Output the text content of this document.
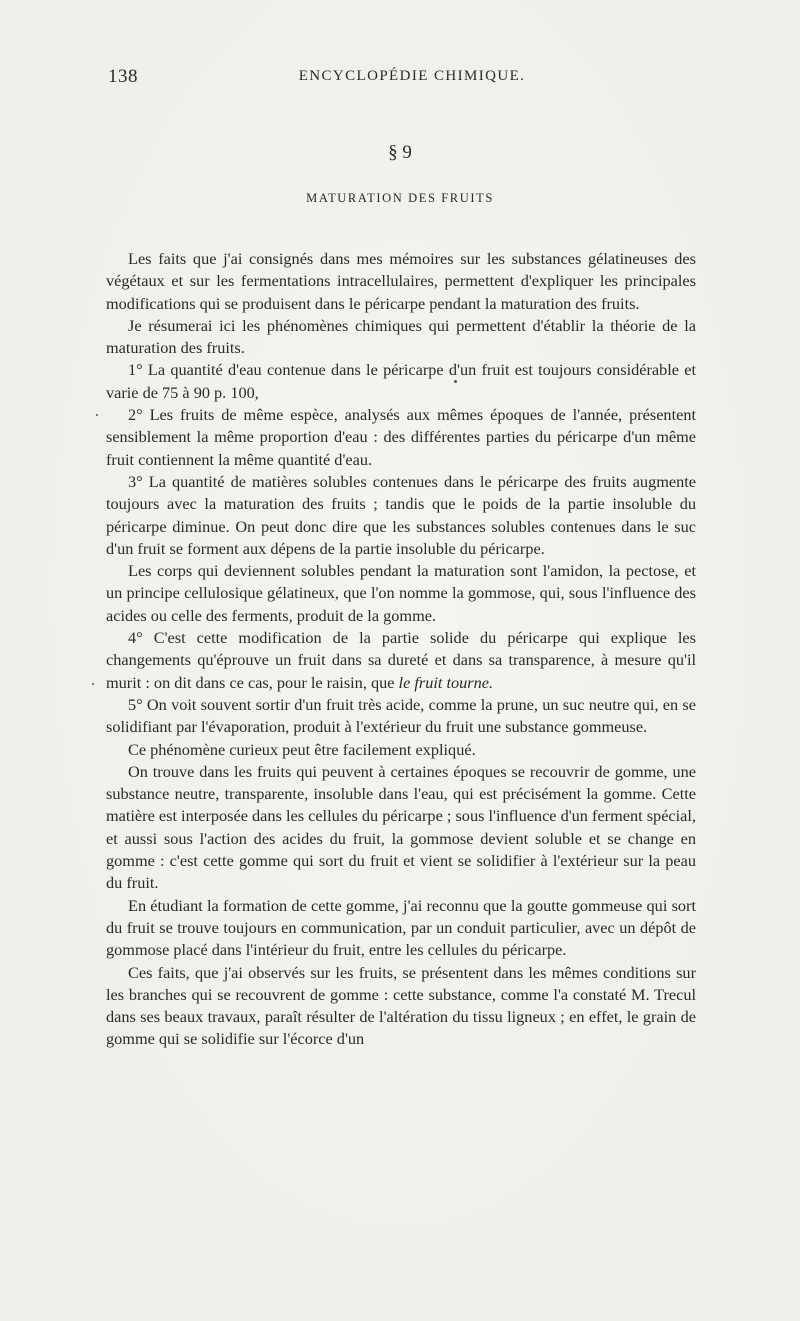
138	ENCYCLOPÉDIE CHIMIQUE.
§ 9
MATURATION DES FRUITS

Les faits que j'ai consignés dans mes mémoires sur les substances gélatineuses des végétaux et sur les fermentations intracellulaires, permettent d'expliquer les principales modifications qui se produisent dans le péricarpe pendant la maturation des fruits.

Je résumerai ici les phénomènes chimiques qui permettent d'établir la théorie de la maturation des fruits.

1° La quantité d'eau contenue dans le péricarpe d'un fruit est toujours considérable et varie de 75 à 90 p. 100,

2° Les fruits de même espèce, analysés aux mêmes époques de l'année, présentent sensiblement la même proportion d'eau : des différentes parties du péricarpe d'un même fruit contiennent la même quantité d'eau.

3° La quantité de matières solubles contenues dans le péricarpe des fruits augmente toujours avec la maturation des fruits ; tandis que le poids de la partie insoluble du péricarpe diminue. On peut donc dire que les substances solubles contenues dans le suc d'un fruit se forment aux dépens de la partie insoluble du péricarpe.

Les corps qui deviennent solubles pendant la maturation sont l'amidon, la pectose, et un principe cellulosique gélatineux, que l'on nomme la gommose, qui, sous l'influence des acides ou celle des ferments, produit de la gomme.

4° C'est cette modification de la partie solide du péricarpe qui explique les changements qu'éprouve un fruit dans sa dureté et dans sa transparence, à mesure qu'il murit : on dit dans ce cas, pour le raisin, que le fruit tourne.

5° On voit souvent sortir d'un fruit très acide, comme la prune, un suc neutre qui, en se solidifiant par l'évaporation, produit à l'extérieur du fruit une substance gommeuse.

Ce phénomène curieux peut être facilement expliqué.

On trouve dans les fruits qui peuvent à certaines époques se recouvrir de gomme, une substance neutre, transparente, insoluble dans l'eau, qui est précisément la gomme. Cette matière est interposée dans les cellules du péricarpe ; sous l'influence d'un ferment spécial, et aussi sous l'action des acides du fruit, la gommose devient soluble et se change en gomme : c'est cette gomme qui sort du fruit et vient se solidifier à l'extérieur sur la peau du fruit.

En étudiant la formation de cette gomme, j'ai reconnu que la goutte gommeuse qui sort du fruit se trouve toujours en communication, par un conduit particulier, avec un dépôt de gommose placé dans l'intérieur du fruit, entre les cellules du péricarpe.

Ces faits, que j'ai observés sur les fruits, se présentent dans les mêmes conditions sur les branches qui se recouvrent de gomme : cette substance, comme l'a constaté M. Trecul dans ses beaux travaux, paraît résulter de l'altération du tissu ligneux ; en effet, le grain de gomme qui se solidifie sur l'écorce d'un
